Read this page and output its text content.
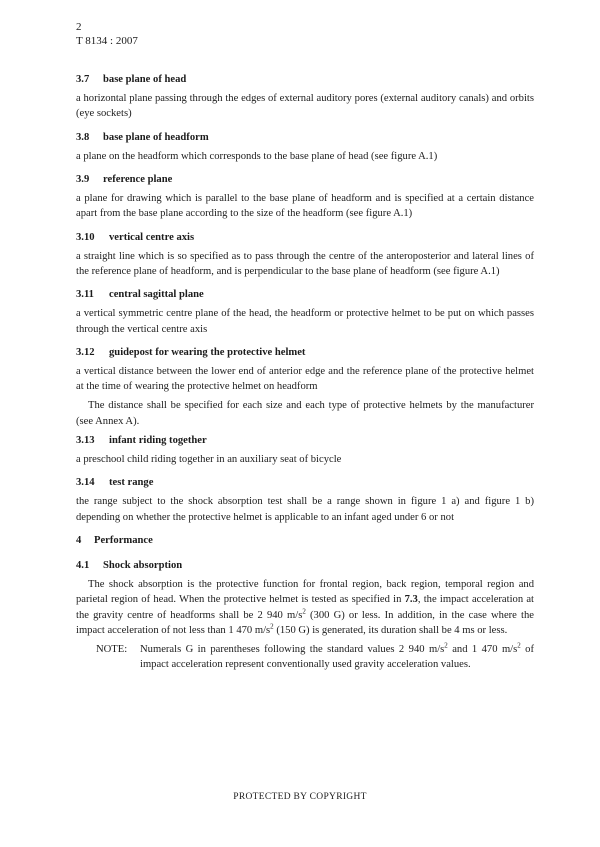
2
T 8134 : 2007

3.7 base plane of head

a horizontal plane passing through the edges of external auditory pores (external auditory canals) and orbits (eye sockets)

3.8 base plane of headform

a plane on the headform which corresponds to the base plane of head (see figure A.1)

3.9 reference plane

a plane for drawing which is parallel to the base plane of headform and is specified at a certain distance apart from the base plane according to the size of the headform (see figure A.1)

3.10 vertical centre axis

a straight line which is so specified as to pass through the centre of the anteroposterior and lateral lines of the reference plane of headform, and is perpendicular to the base plane of headform (see figure A.1)

3.11 central sagittal plane

a vertical symmetric centre plane of the head, the headform or protective helmet to be put on which passes through the vertical centre axis

3.12 guidepost for wearing the protective helmet

a vertical distance between the lower end of anterior edge and the reference plane of the protective helmet at the time of wearing the protective helmet on headform

The distance shall be specified for each size and each type of protective helmets by the manufacturer (see Annex A).

3.13 infant riding together

a preschool child riding together in an auxiliary seat of bicycle

3.14 test range

the range subject to the shock absorption test shall be a range shown in figure 1 a) and figure 1 b) depending on whether the protective helmet is applicable to an infant aged under 6 or not

4 Performance

4.1 Shock absorption

The shock absorption is the protective function for frontal region, back region, temporal region and parietal region of head. When the protective helmet is tested as specified in 7.3, the impact acceleration at the gravity centre of headforms shall be 2 940 $m/s^2$ (300 G) or less. In addition, in the case where the impact acceleration of not less than 1 470 $m/s^2$ (150 G) is generated, its duration shall be 4 ms or less.

NOTE:	Numerals G in parentheses following the standard values 2 940 $m/s^2$ and 1 470 $m/s^2$ of impact acceleration represent conventionally used gravity acceleration values.
PROTECTED BY COPYRIGHT
